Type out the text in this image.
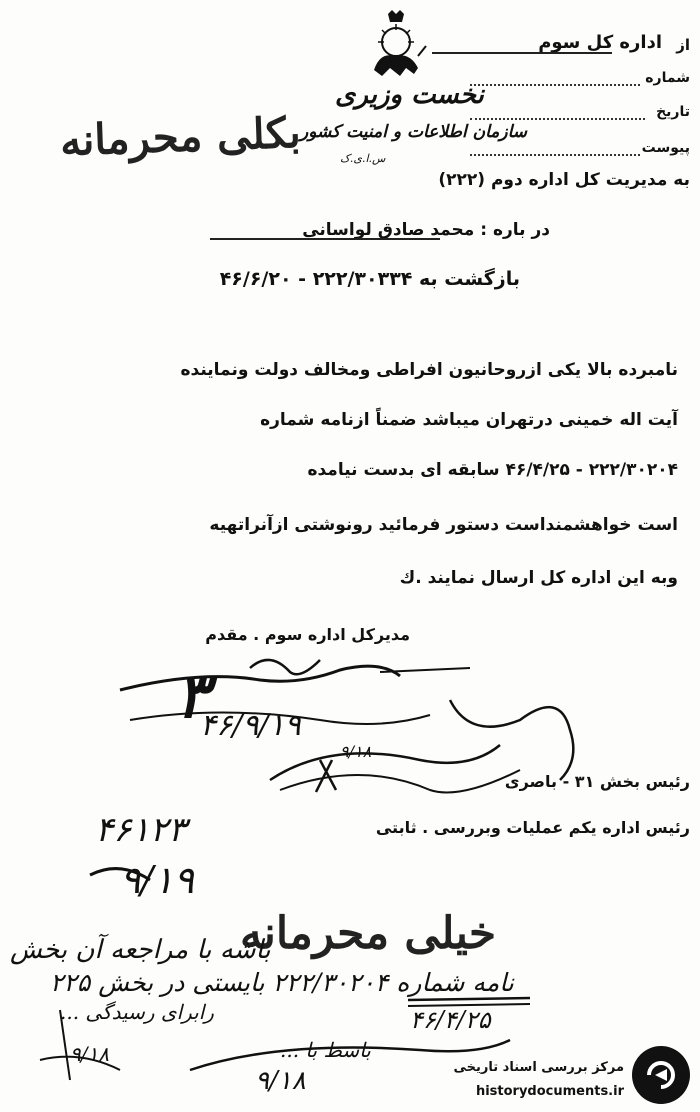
از
اداره کل سوم
شماره
تاریخ
پیوست
نخست وزیری
سازمان اطلاعات و امنیت کشور
س.ا.ی.ک
بکلی محرمانه
به مدیریت کل اداره دوم (۲۲۲)
در باره : محمد صادق لواسانی
بازگشت به ۲۲۲/۳۰۳۳۴ - ۴۶/۶/۲۰
نامبرده بالا یکی ازروحانیون افراطی ومخالف دولت ونماینده
آیت اله خمینی درتهران میباشد ضمناً ازنامه شماره
۲۲۲/۳۰۲۰۴ - ۴۶/۴/۲۵ سابقه ای بدست نیامده
است خواهشمنداست دستور فرمائید رونوشتی ازآنراتهیه
وبه این اداره کل ارسال نمایند .ك
مدیرکل اداره سوم . مقدم
۳
۴۶/۹/۱۹
۹/۱۸
رئیس بخش ۳۱ - باصری
۴۶۱۲۳	رئیس اداره یکم عملیات وبررسی . ثابتی
۹/۱۹
خیلی محرمانه
باشه با مراجعه آن بخش
نامه شماره ۲۲۲/۳۰۲۰۴ بایستی در بخش ۲۲۵
۴۶/۴/۲۵
رابرای رسیدگی ...
باسط با ...
۹/۱۸
۹/۱۸	مرکز بررسی اسناد تاریخی
historydocuments.ir
